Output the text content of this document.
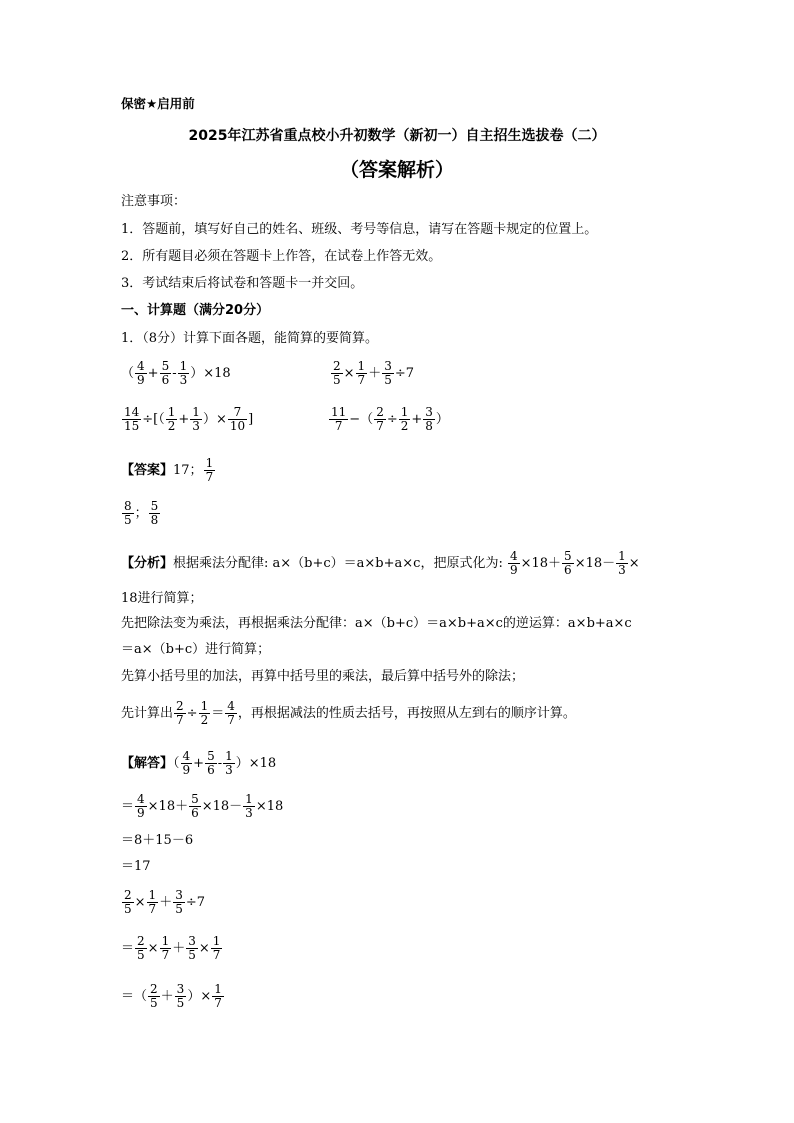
保密★启用前
2025年江苏省重点校小升初数学（新初一）自主招生选拔卷（二）
（答案解析）
注意事项：
1．答题前，填写好自己的姓名、班级、考号等信息，请写在答题卡规定的位置上。
2．所有题目必须在答题卡上作答，在试卷上作答无效。
3．考试结束后将试卷和答题卡一并交回。
一、计算题（满分20分）
1．（8分）计算下面各题，能简算的要简算。
（ $\frac{4}{9} + \frac{5}{6} - \frac{1}{3} )\times 18$	$\frac{2}{5} \times \frac{1}{7} + \frac{3}{5} \div 7$
$\frac{14}{15}$ ÷[（ $\frac{1}{2} + \frac{1}{3}$ ）× $\frac{7}{10}$ ]	$\frac{11}{7}$ −（ $\frac{2}{7} \div \frac{1}{2} + \frac{3}{8}$ ）
【答案】17； $\frac{1}{7}$
$\frac{8}{5}$ ； $\frac{5}{8}$
【分析】根据乘法分配律: a×（b+c）＝a×b+a×c，把原式化为: $\frac{4}{9} \times 18+ \frac{5}{6} \times 18- \frac{1}{3}$ ×
18进行简算；
先把除法变为乘法，再根据乘法分配律：a×（b+c）＝a×b+a×c的逆运算：a×b+a×c
＝a×（b+c）进行简算；
先算小括号里的加法，再算中括号里的乘法，最后算中括号外的除法；
先计算出 $\frac{2}{7} \div \frac{1}{2} = \frac{4}{7}$ ，再根据减法的性质去括号，再按照从左到右的顺序计算。
【解答】（ $\frac{4}{9} + \frac{5}{6} - \frac{1}{3} )\times 18$
＝ $\frac{4}{9} \times 18+ \frac{5}{6} \times 18- \frac{1}{3} \times 18$
＝8＋15－6
＝17
$\frac{2}{5} \times \frac{1}{7} + \frac{3}{5} \div 7$
＝ $\frac{2}{5} \times \frac{1}{7} + \frac{3}{5} \times \frac{1}{7}$
＝（ $\frac{2}{5} + \frac{3}{5}$ ）× $\frac{1}{7}$
